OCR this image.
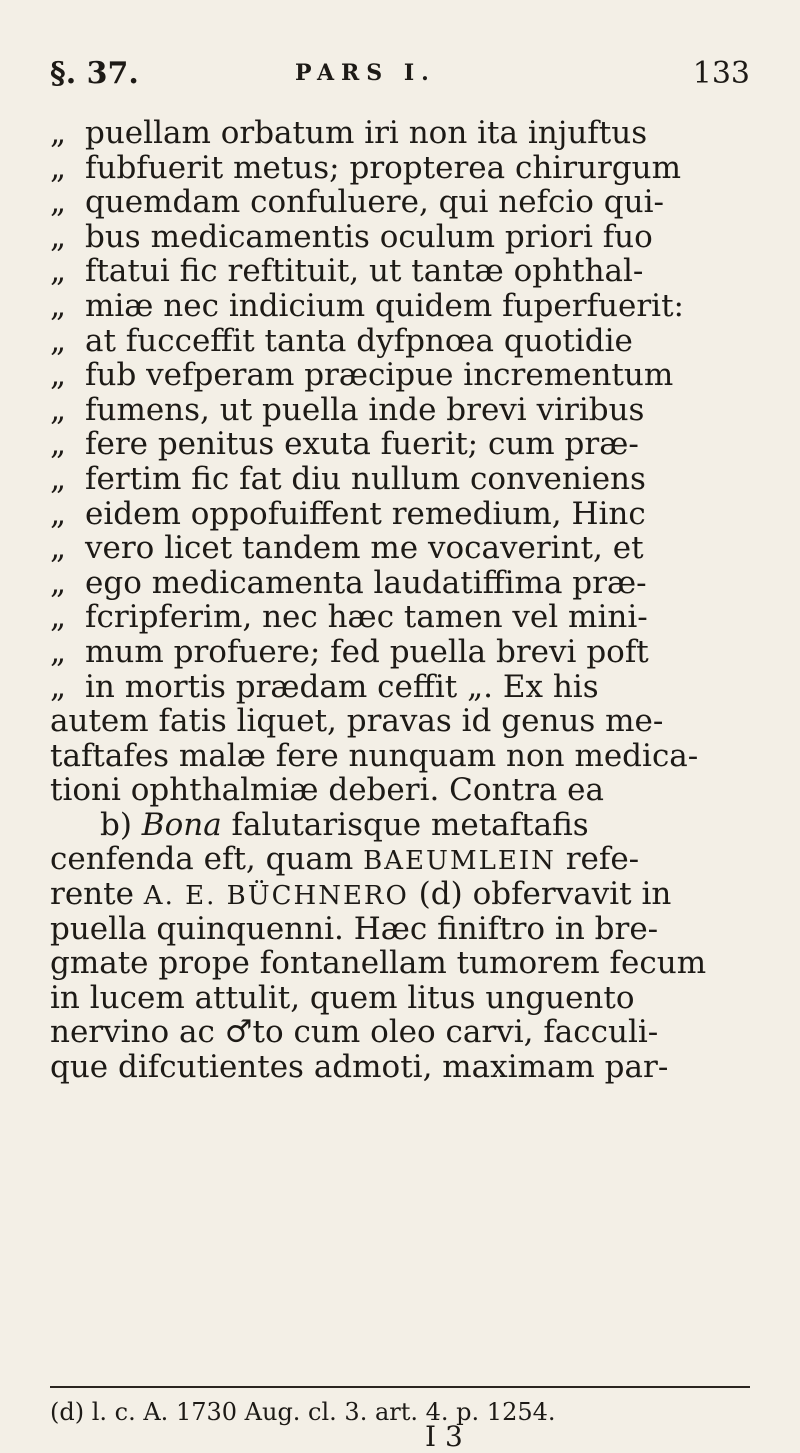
§. 37.	PARS I.	133
„ puellam orbatum iri non ita injuftus
„ fubfuerit metus; propterea chirurgum
„ quemdam confuluere, qui nefcio qui-
„ bus medicamentis oculum priori fuo
„ ftatui fic reftituit, ut tantæ ophthal-
„ miæ nec indicium quidem fuperfuerit:
„ at fucceffit tanta dyfpnœa quotidie
„ fub vefperam præcipue incrementum
„ fumens, ut puella inde brevi viribus
„ fere penitus exuta fuerit; cum præ-
„ fertim fic fat diu nullum conveniens
„ eidem oppofuiffent remedium, Hinc
„ vero licet tandem me vocaverint, et
„ ego medicamenta laudatiffima præ-
„ fcripferim, nec hæc tamen vel mini-
„ mum profuere; fed puella brevi poft
„ in mortis prædam ceffit „. Ex his
autem fatis liquet, pravas id genus me-
taftafes malæ fere nunquam non medica-
tioni ophthalmiæ deberi. Contra ea
b) Bona falutarisque metaftafis
cenfenda eft, quam BAEUMLEIN refe-
rente A. E. BÜCHNERO (d) obfervavit in
puella quinquenni. Hæc finiftro in bre-
gmate prope fontanellam tumorem fecum
in lucem attulit, quem litus unguento
nervino ac ♂to cum oleo carvi, facculi-
que difcutientes admoti, maximam par-
(d) l. c. A. 1730 Aug. cl. 3. art. 4. p. 1254.
I 3
